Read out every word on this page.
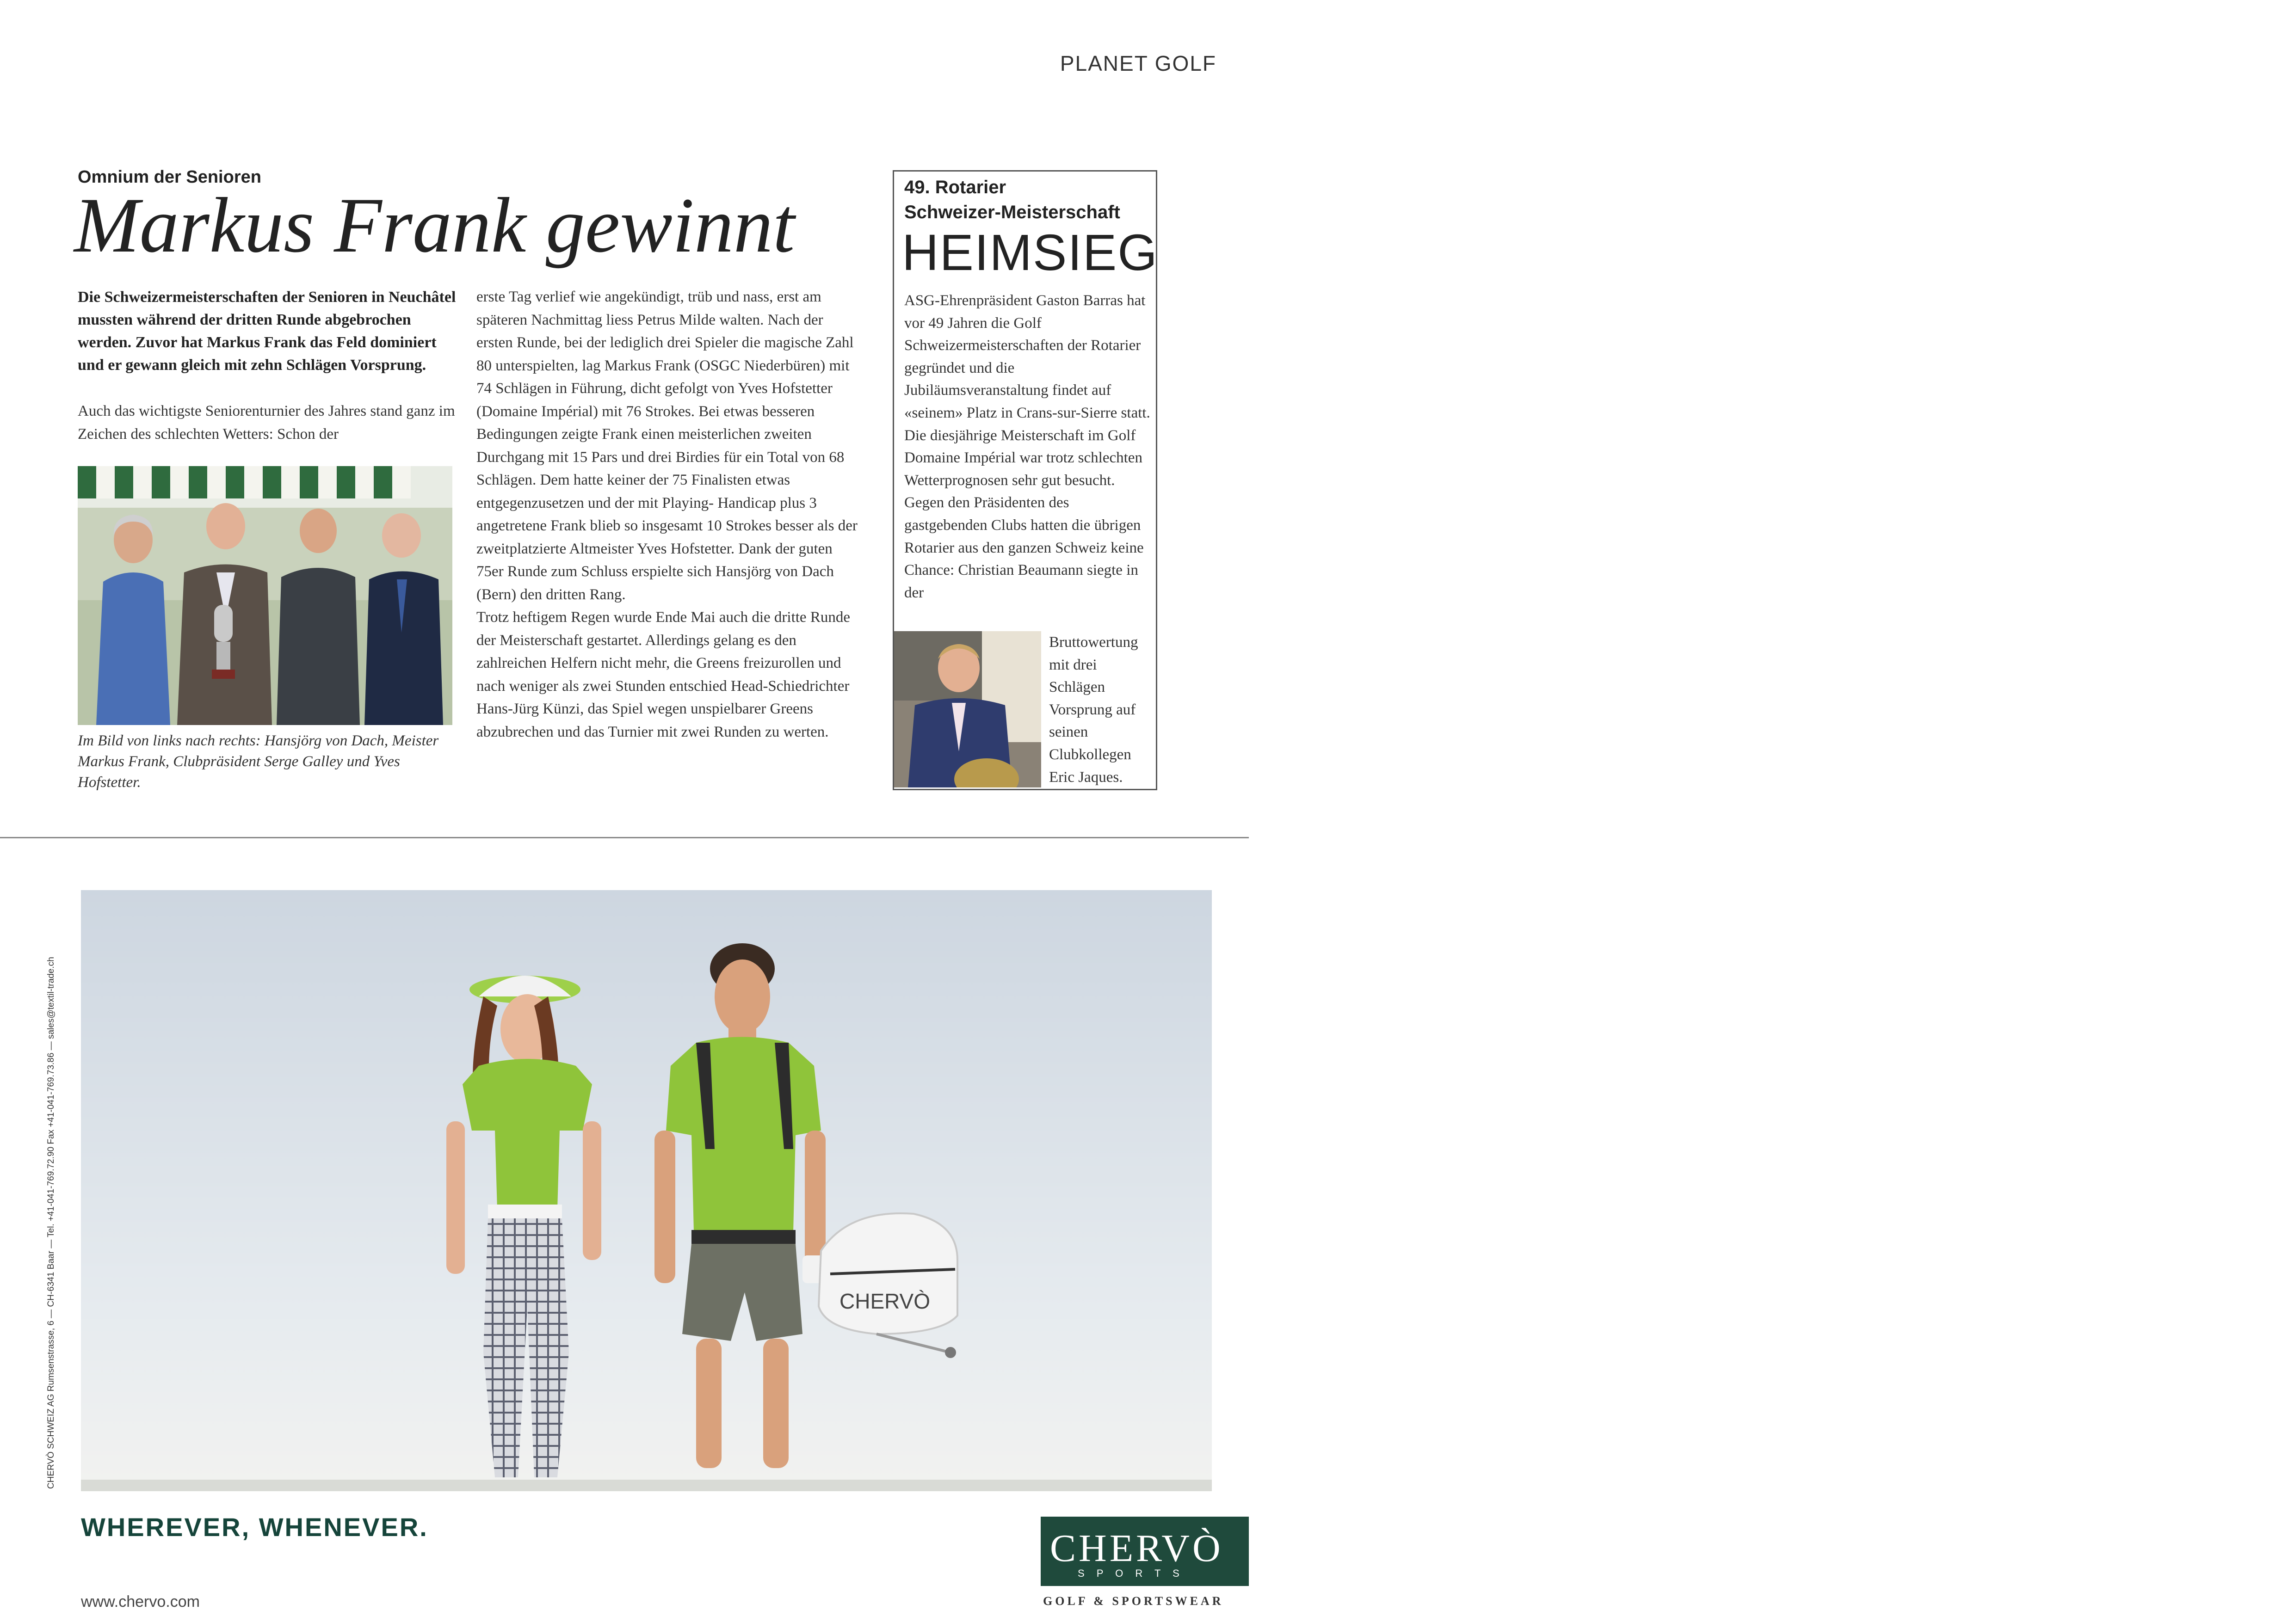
PLANET GOLF
Omnium der Senioren
Markus Frank gewinnt
Die Schweizermeisterschaften der Senioren in Neuchâtel mussten während der dritten Runde abgebrochen werden. Zuvor hat Markus Frank das Feld dominiert und er gewann gleich mit zehn Schlägen Vorsprung.
Auch das wichtigste Seniorenturnier des Jahres stand ganz im Zeichen des schlechten Wetters: Schon der
Im Bild von links nach rechts: Hansjörg von Dach, Meister Markus Frank, Clubpräsident Serge Galley und Yves Hofstetter.
erste Tag verlief wie angekündigt, trüb und nass, erst am späteren Nachmittag liess Petrus Milde walten. Nach der ersten Runde, bei der lediglich drei Spieler die magische Zahl 80 unterspielten, lag Markus Frank (OSGC Niederbüren) mit 74 Schlägen in Führung, dicht gefolgt von Yves Hofstetter (Domaine Impérial) mit 76 Strokes. Bei etwas besseren Bedingungen zeigte Frank einen meisterlichen zweiten Durchgang mit 15 Pars und drei Birdies für ein Total von 68 Schlägen. Dem hatte keiner der 75 Finalisten etwas entgegenzusetzen und der mit Playing- Handicap plus 3 angetretene Frank blieb so insgesamt 10 Strokes besser als der zweitplatzierte Altmeister Yves Hofstetter. Dank der guten 75er Runde zum Schluss erspielte sich Hansjörg von Dach (Bern) den dritten Rang.
Trotz heftigem Regen wurde Ende Mai auch die dritte Runde der Meisterschaft gestartet. Allerdings gelang es den zahlreichen Helfern nicht mehr, die Greens freizurollen und nach weniger als zwei Stunden entschied Head-Schiedrichter Hans-Jürg Künzi, das Spiel wegen unspielbarer Greens abzubrechen und das Turnier mit zwei Runden zu werten.
49. Rotarier
Schweizer-Meisterschaft
HEIMSIEG
ASG-Ehrenpräsident Gaston Barras hat vor 49 Jahren die Golf Schweizermeisterschaften der Rotarier gegründet und die Jubiläumsveranstaltung findet auf «seinem» Platz in Crans-sur-Sierre statt. Die diesjährige Meisterschaft im Golf Domaine Impérial war trotz schlechten Wetterprognosen sehr gut besucht. Gegen den Präsidenten des gastgebenden Clubs hatten die übrigen Rotarier aus den ganzen Schweiz keine Chance: Christian Beaumann siegte in der
Bruttowertung mit drei Schlägen Vorsprung auf seinen Clubkollegen Eric Jaques.
CHERVÒ
CHERVÒ SCHWEIZ AG Rumsenstrasse, 6 — CH-6341 Baar — Tel. +41-041-769.72.90 Fax +41-041-769.73.86 — sales@textil-trade.ch
WHEREVER, WHENEVER.
www.chervo.com
CHERVÒ
S P O R T S
GOLF & SPORTSWEAR
